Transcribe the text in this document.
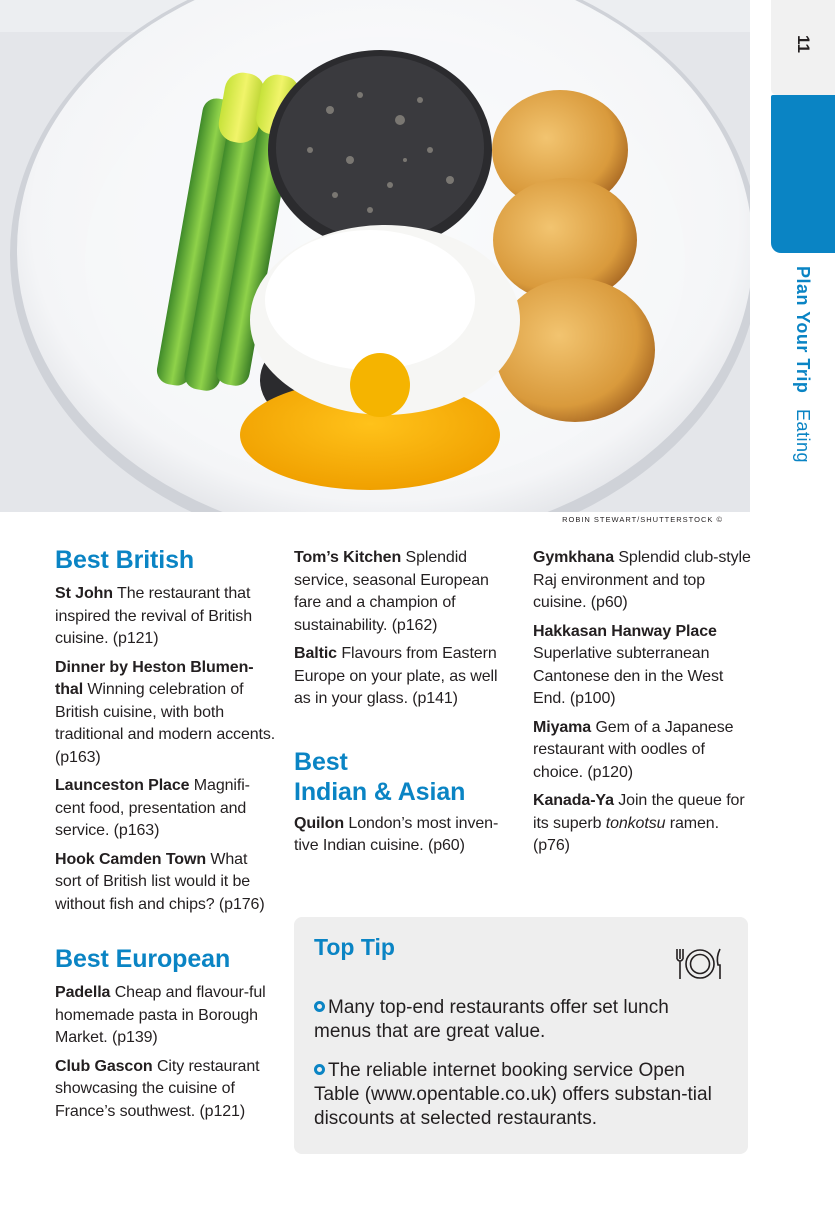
ROBIN STEWART/SHUTTERSTOCK ©
11
Plan Your Trip Eating
Best British
St John The restaurant that inspired the revival of British cuisine. (p121)
Dinner by Heston Blumen-thal Winning celebration of British cuisine, with both traditional and modern accents. (p163)
Launceston Place Magnifi-cent food, presentation and service. (p163)
Hook Camden Town What sort of British list would it be without fish and chips? (p176)
Best European
Padella Cheap and flavour-ful homemade pasta in Borough Market. (p139)
Club Gascon City restaurant showcasing the cuisine of France’s southwest. (p121)
Tom’s Kitchen Splendid service, seasonal European fare and a champion of sustainability. (p162)
Baltic Flavours from Eastern Europe on your plate, as well as in your glass. (p141)
Best
Indian & Asian
Quilon London’s most inven-tive Indian cuisine. (p60)
Gymkhana Splendid club-style Raj environment and top cuisine. (p60)
Hakkasan Hanway Place Superlative subterranean Cantonese den in the West End. (p100)
Miyama Gem of a Japanese restaurant with oodles of choice. (p120)
Kanada-Ya Join the queue for its superb tonkotsu ramen. (p76)
Top Tip
Many top-end restaurants offer set lunch menus that are great value.
The reliable internet booking service Open Table (www.opentable.co.uk) offers substan-tial discounts at selected restaurants.
